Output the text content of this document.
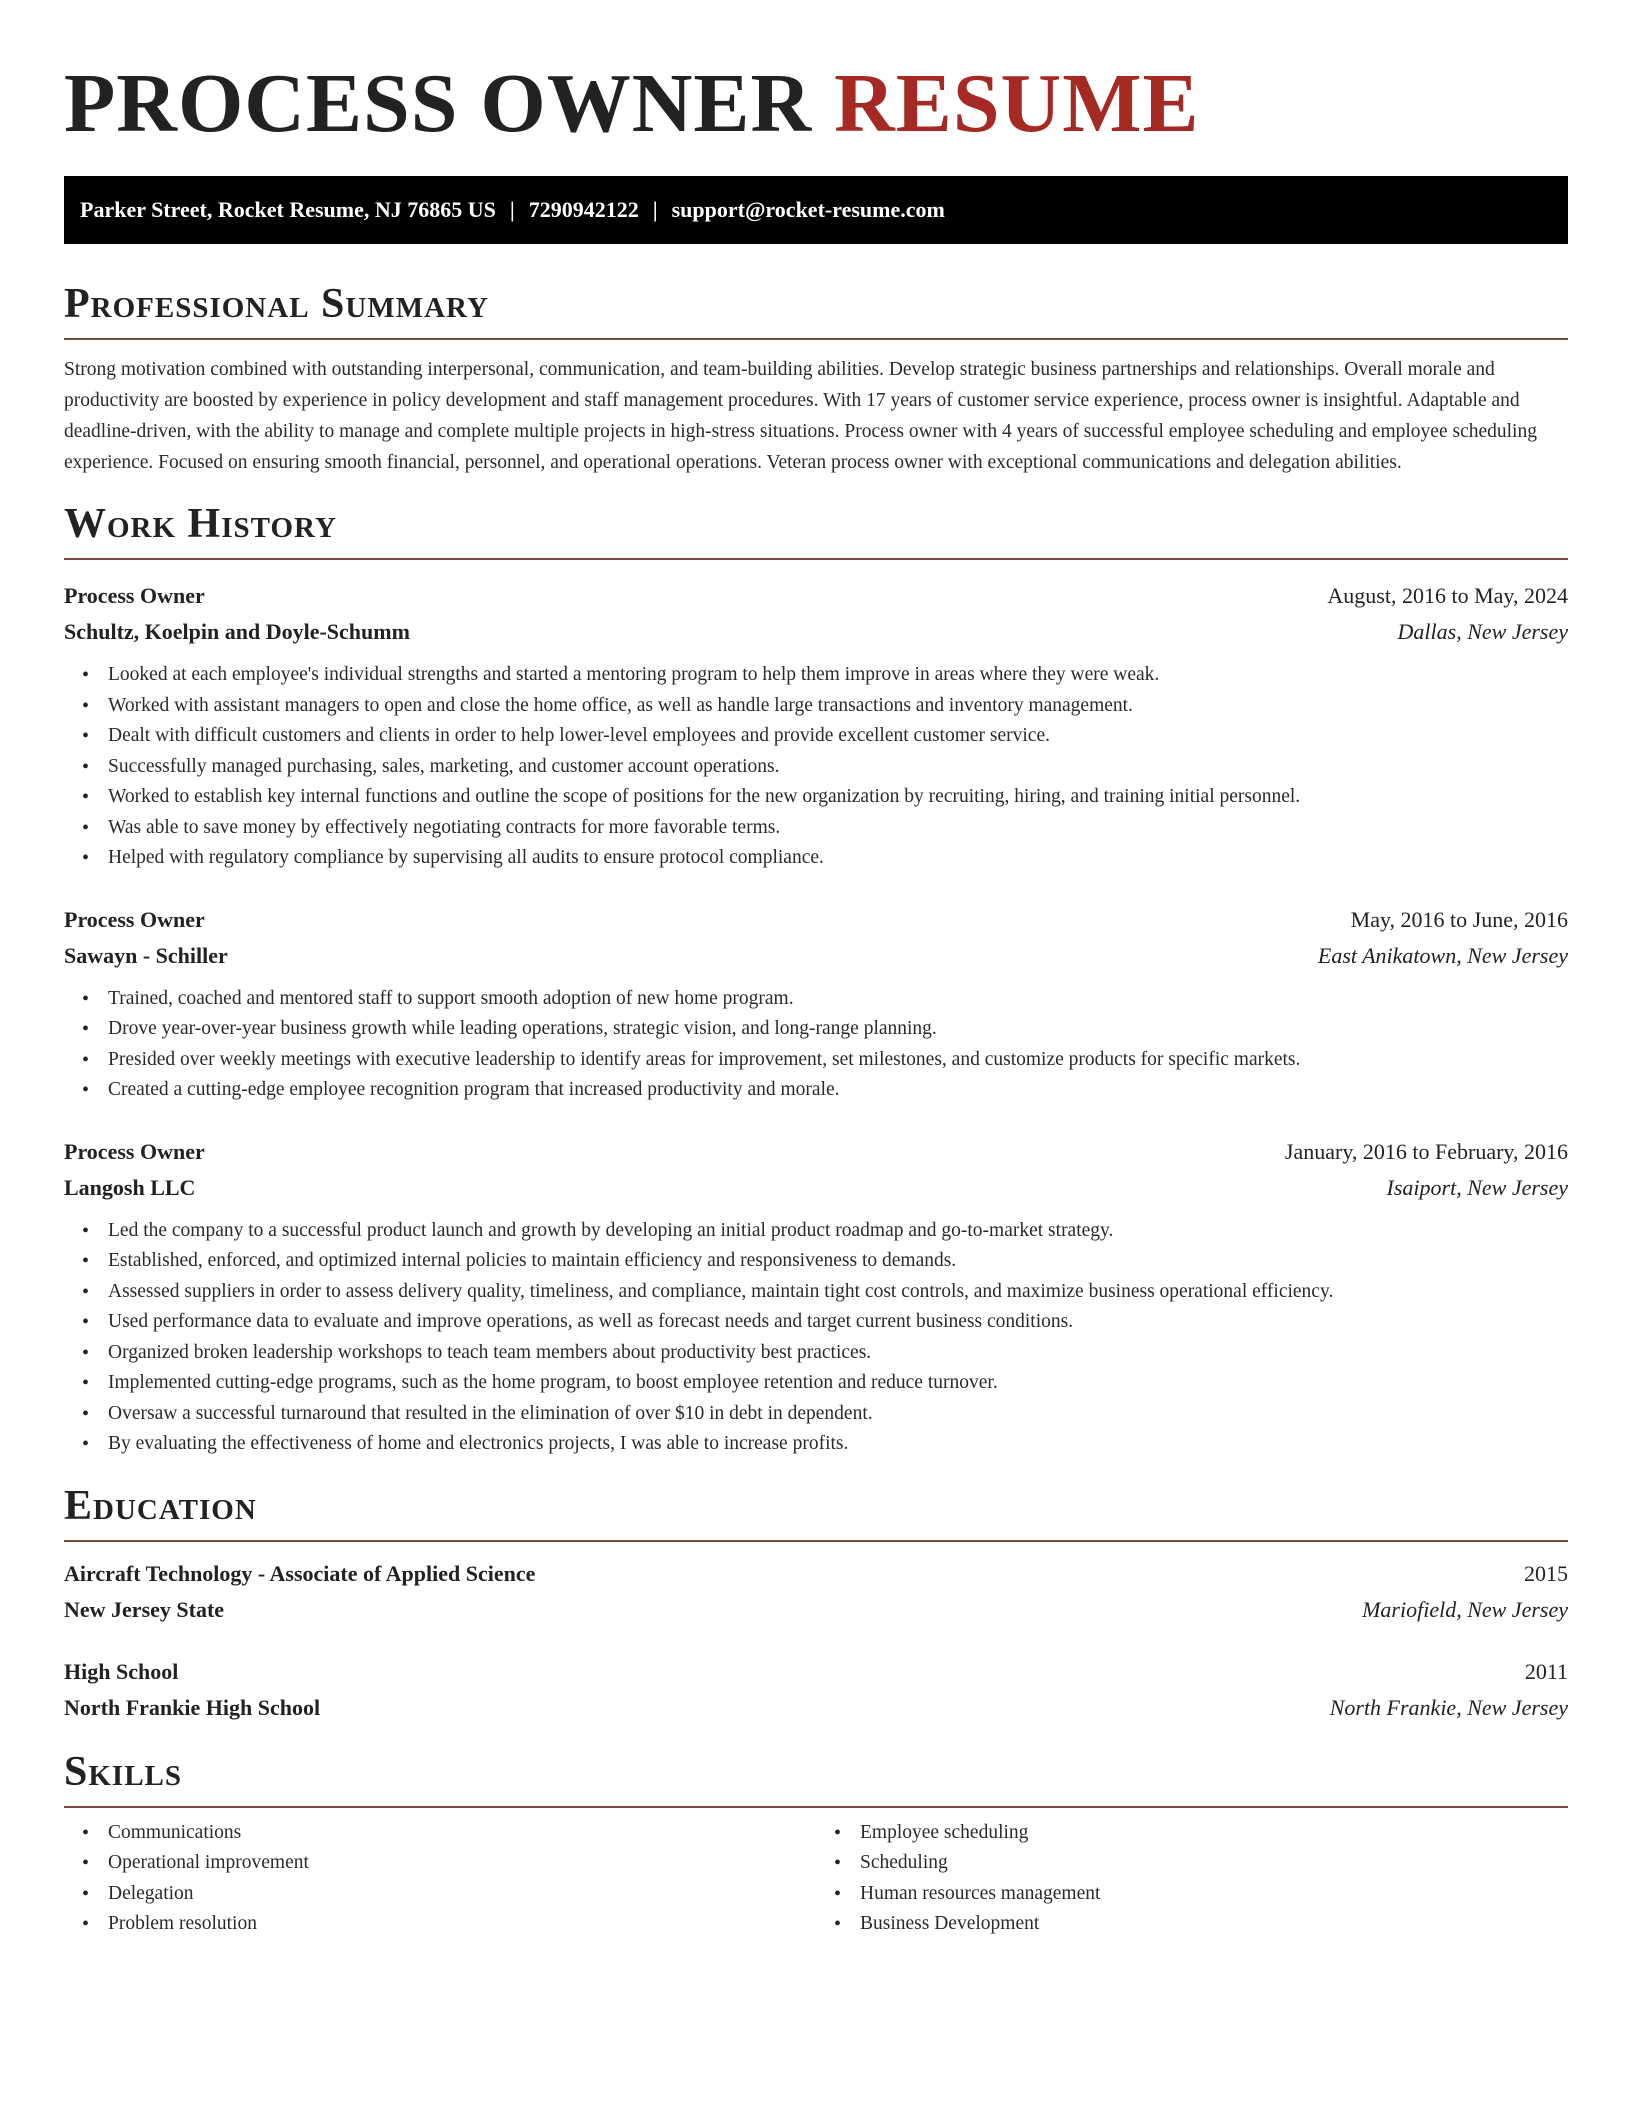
PROCESS OWNER RESUME
Parker Street, Rocket Resume, NJ 76865 US | 7290942122 | support@rocket-resume.com
Professional Summary

Strong motivation combined with outstanding interpersonal, communication, and team-building abilities. Develop strategic business partnerships and relationships. Overall morale and productivity are boosted by experience in policy development and staff management procedures. With 17 years of customer service experience, process owner is insightful. Adaptable and deadline-driven, with the ability to manage and complete multiple projects in high-stress situations. Process owner with 4 years of successful employee scheduling and employee scheduling experience. Focused on ensuring smooth financial, personnel, and operational operations. Veteran process owner with exceptional communications and delegation abilities.

Work History
Process Owner	August, 2016 to May, 2024
Schultz, Koelpin and Doyle-Schumm	Dallas, New Jersey
• Looked at each employee's individual strengths and started a mentoring program to help them improve in areas where they were weak.
• Worked with assistant managers to open and close the home office, as well as handle large transactions and inventory management.
• Dealt with difficult customers and clients in order to help lower-level employees and provide excellent customer service.
• Successfully managed purchasing, sales, marketing, and customer account operations.
• Worked to establish key internal functions and outline the scope of positions for the new organization by recruiting, hiring, and training initial personnel.
• Was able to save money by effectively negotiating contracts for more favorable terms.
• Helped with regulatory compliance by supervising all audits to ensure protocol compliance.
Process Owner	May, 2016 to June, 2016
Sawayn - Schiller	East Anikatown, New Jersey
• Trained, coached and mentored staff to support smooth adoption of new home program.
• Drove year-over-year business growth while leading operations, strategic vision, and long-range planning.
• Presided over weekly meetings with executive leadership to identify areas for improvement, set milestones, and customize products for specific markets.
• Created a cutting-edge employee recognition program that increased productivity and morale.
Process Owner	January, 2016 to February, 2016
Langosh LLC	Isaiport, New Jersey
• Led the company to a successful product launch and growth by developing an initial product roadmap and go-to-market strategy.
• Established, enforced, and optimized internal policies to maintain efficiency and responsiveness to demands.
• Assessed suppliers in order to assess delivery quality, timeliness, and compliance, maintain tight cost controls, and maximize business operational efficiency.
• Used performance data to evaluate and improve operations, as well as forecast needs and target current business conditions.
• Organized broken leadership workshops to teach team members about productivity best practices.
• Implemented cutting-edge programs, such as the home program, to boost employee retention and reduce turnover.
• Oversaw a successful turnaround that resulted in the elimination of over $10 in debt in dependent.
• By evaluating the effectiveness of home and electronics projects, I was able to increase profits.
Education
Aircraft Technology - Associate of Applied Science	2015
New Jersey State	Mariofield, New Jersey
High School	2011
North Frankie High School	North Frankie, New Jersey
Skills
• Communications
• Operational improvement
• Delegation
• Problem resolution
• Employee scheduling
• Scheduling
• Human resources management
• Business Development
